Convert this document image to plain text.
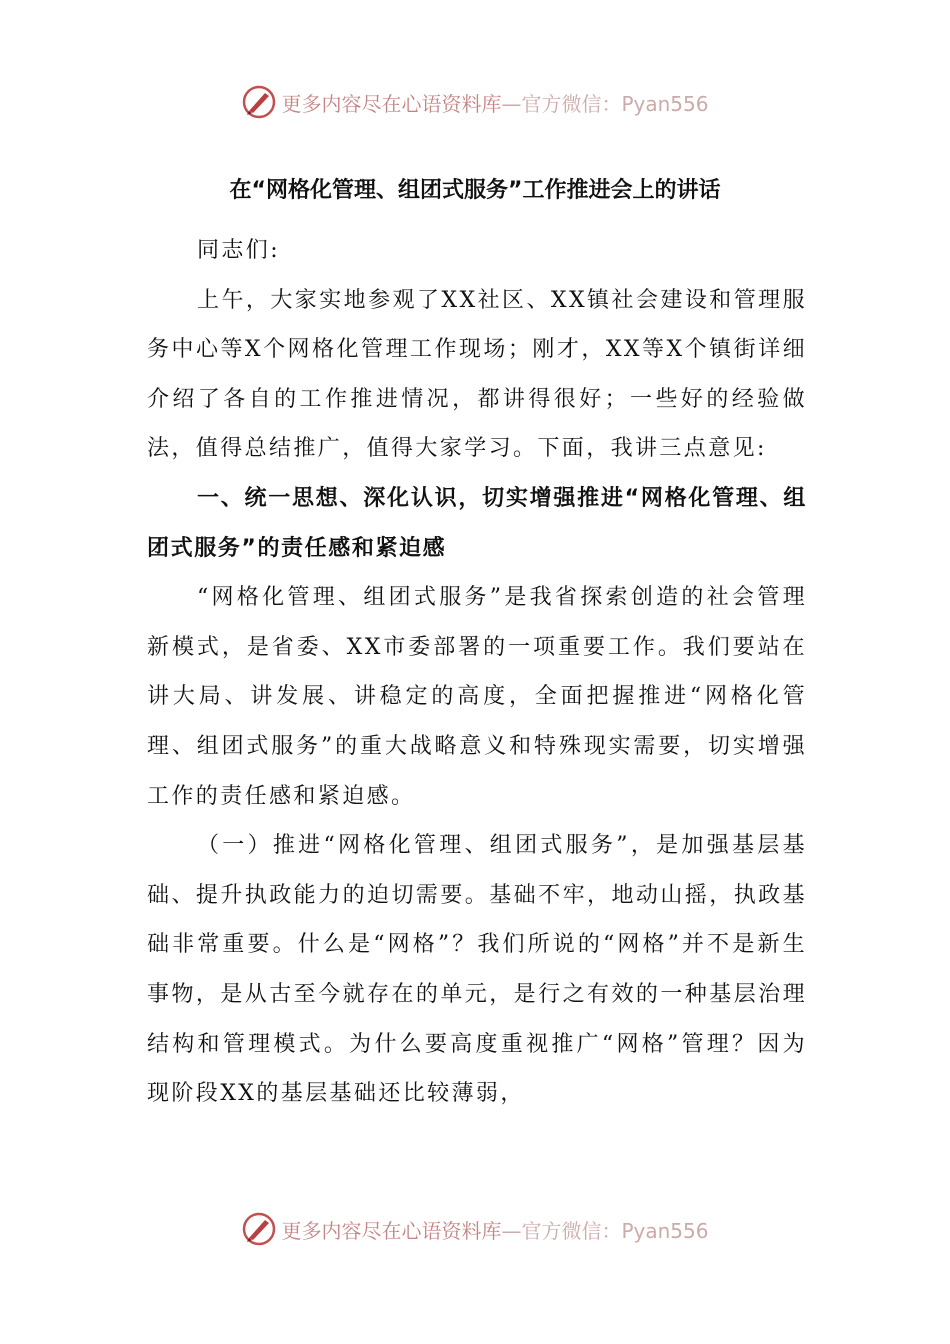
更多内容尽在心语资料库—官方微信：Pyan556
在“网格化管理、组团式服务”工作推进会上的讲话

同志们:

上午，大家实地参观了XX社区、XX镇社会建设和管理服务中心等X个网格化管理工作现场；刚才，XX等X个镇街详细介绍了各自的工作推进情况，都讲得很好；一些好的经验做法，值得总结推广，值得大家学习。下面，我讲三点意见:

一、统一思想、深化认识，切实增强推进“网格化管理、组团式服务”的责任感和紧迫感

“网格化管理、组团式服务”是我省探索创造的社会管理新模式，是省委、XX市委部署的一项重要工作。我们要站在讲大局、讲发展、讲稳定的高度，全面把握推进“网格化管理、组团式服务”的重大战略意义和特殊现实需要，切实增强工作的责任感和紧迫感。

（一）推进“网格化管理、组团式服务”，是加强基层基础、提升执政能力的迫切需要。基础不牢，地动山摇，执政基础非常重要。什么是“网格”？我们所说的“网格”并不是新生事物，是从古至今就存在的单元，是行之有效的一种基层治理结构和管理模式。为什么要高度重视推广“网格”管理？因为现阶段XX的基层基础还比较薄弱，

更多内容尽在心语资料库—官方微信：Pyan556
